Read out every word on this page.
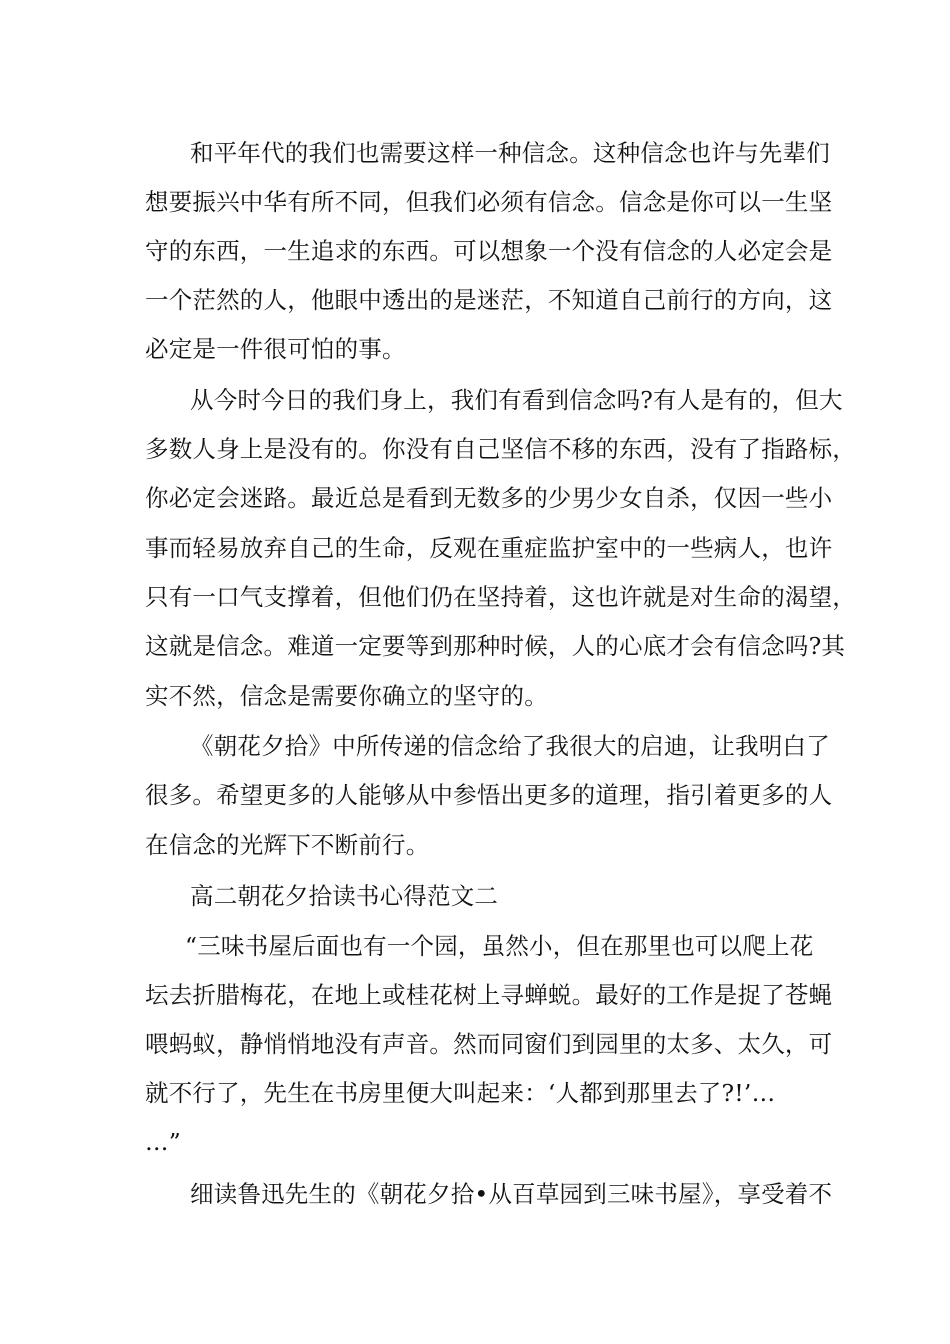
和平年代的我们也需要这样一种信念。这种信念也许与先辈们
想要振兴中华有所不同，但我们必须有信念。信念是你可以一生坚
守的东西，一生追求的东西。可以想象一个没有信念的人必定会是
一个茫然的人，他眼中透出的是迷茫，不知道自己前行的方向，这
必定是一件很可怕的事。
从今时今日的我们身上，我们有看到信念吗?有人是有的，但大
多数人身上是没有的。你没有自己坚信不移的东西，没有了指路标，
你必定会迷路。最近总是看到无数多的少男少女自杀，仅因一些小
事而轻易放弃自己的生命，反观在重症监护室中的一些病人，也许
只有一口气支撑着，但他们仍在坚持着，这也许就是对生命的渴望，
这就是信念。难道一定要等到那种时候，人的心底才会有信念吗?其
实不然，信念是需要你确立的坚守的。
《朝花夕拾》中所传递的信念给了我很大的启迪，让我明白了
很多。希望更多的人能够从中参悟出更多的道理，指引着更多的人
在信念的光辉下不断前行。
高二朝花夕拾读书心得范文二
“三味书屋后面也有一个园，虽然小，但在那里也可以爬上花
坛去折腊梅花，在地上或桂花树上寻蝉蜕。最好的工作是捉了苍蝇
喂蚂蚁，静悄悄地没有声音。然而同窗们到园里的太多、太久，可
就不行了，先生在书房里便大叫起来：‘人都到那里去了?!’…
…”
细读鲁迅先生的《朝花夕拾•从百草园到三味书屋》，享受着不
